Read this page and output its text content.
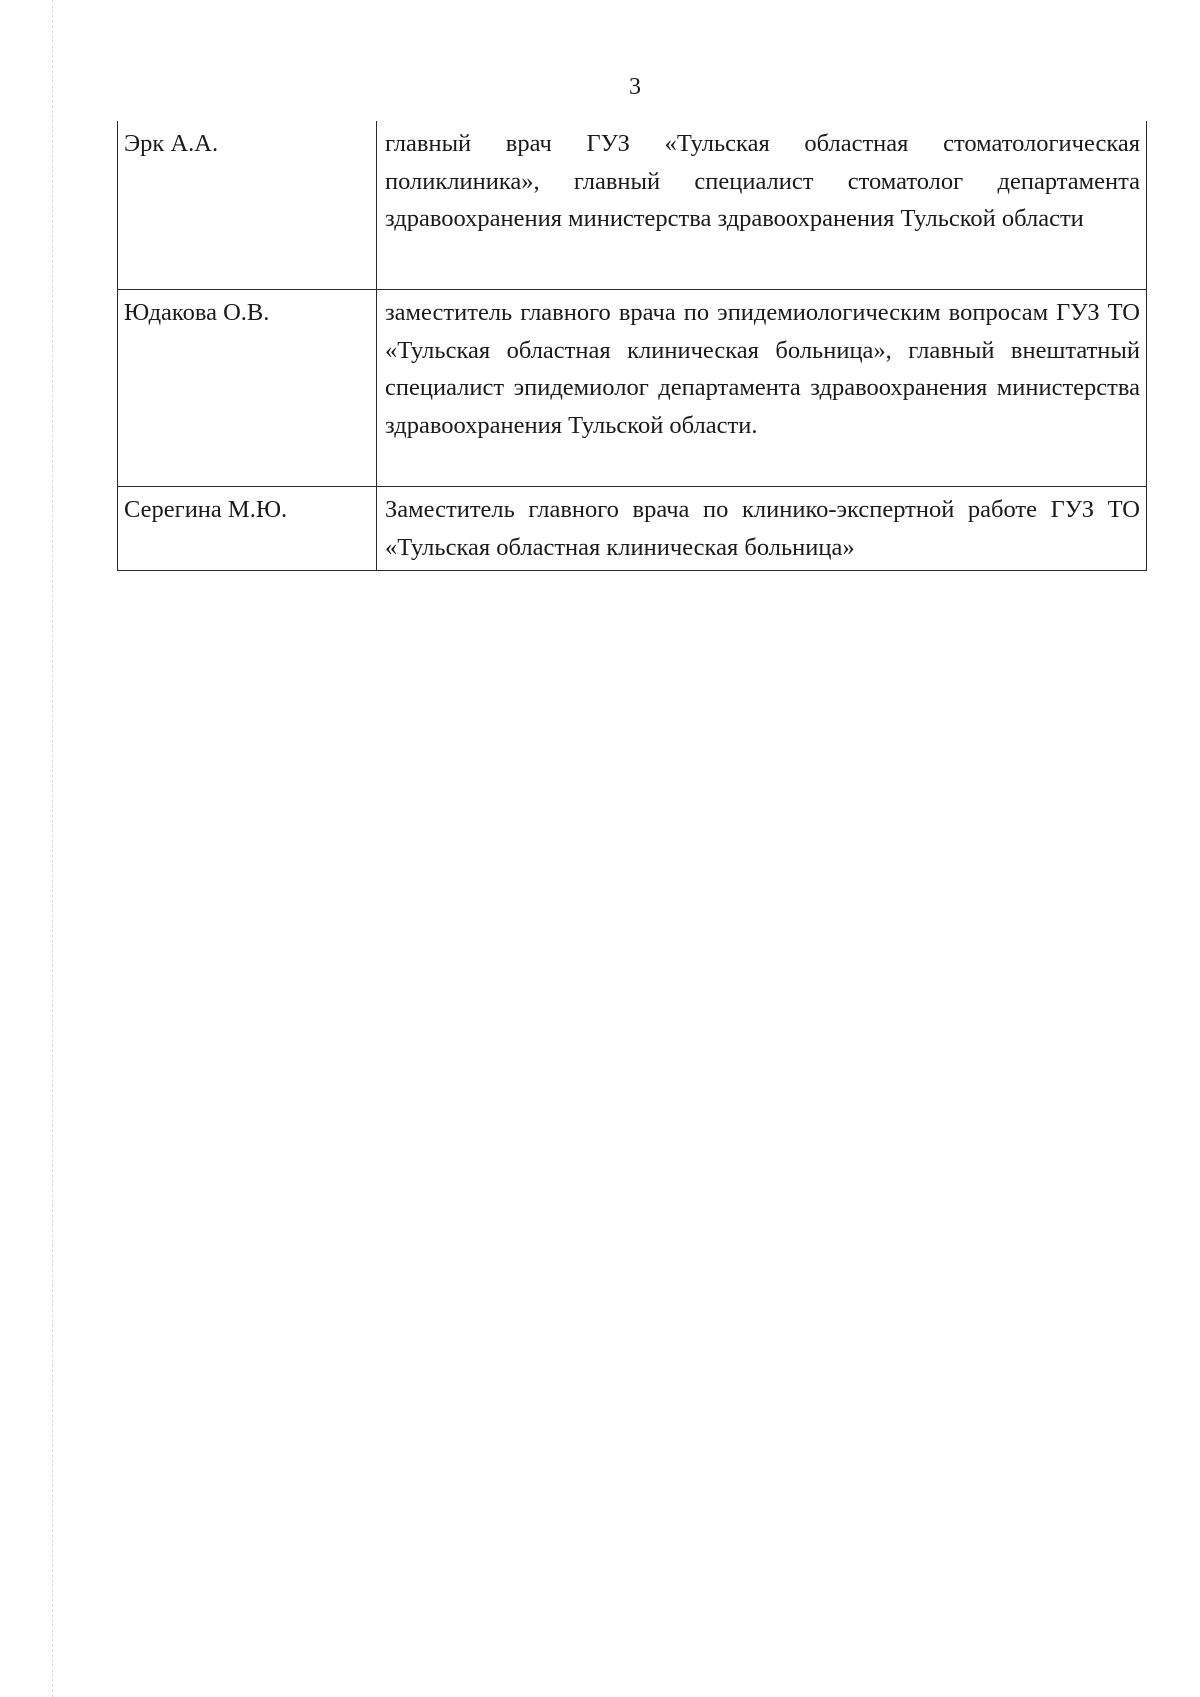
3
Эрк А.А.	главный врач ГУЗ «Тульская областная стоматологическая поликлиника», главный специалист стоматолог департамента здравоохранения министерства здравоохранения Тульской области
Юдакова О.В.	заместитель главного врача по эпидемиологическим вопросам ГУЗ ТО «Тульская областная клиническая больница», главный внештатный специалист эпидемиолог департамента здравоохранения министерства здравоохранения Тульской области.
Серегина М.Ю.	Заместитель главного врача по клинико-экспертной работе ГУЗ ТО «Тульская областная клиническая больница»
